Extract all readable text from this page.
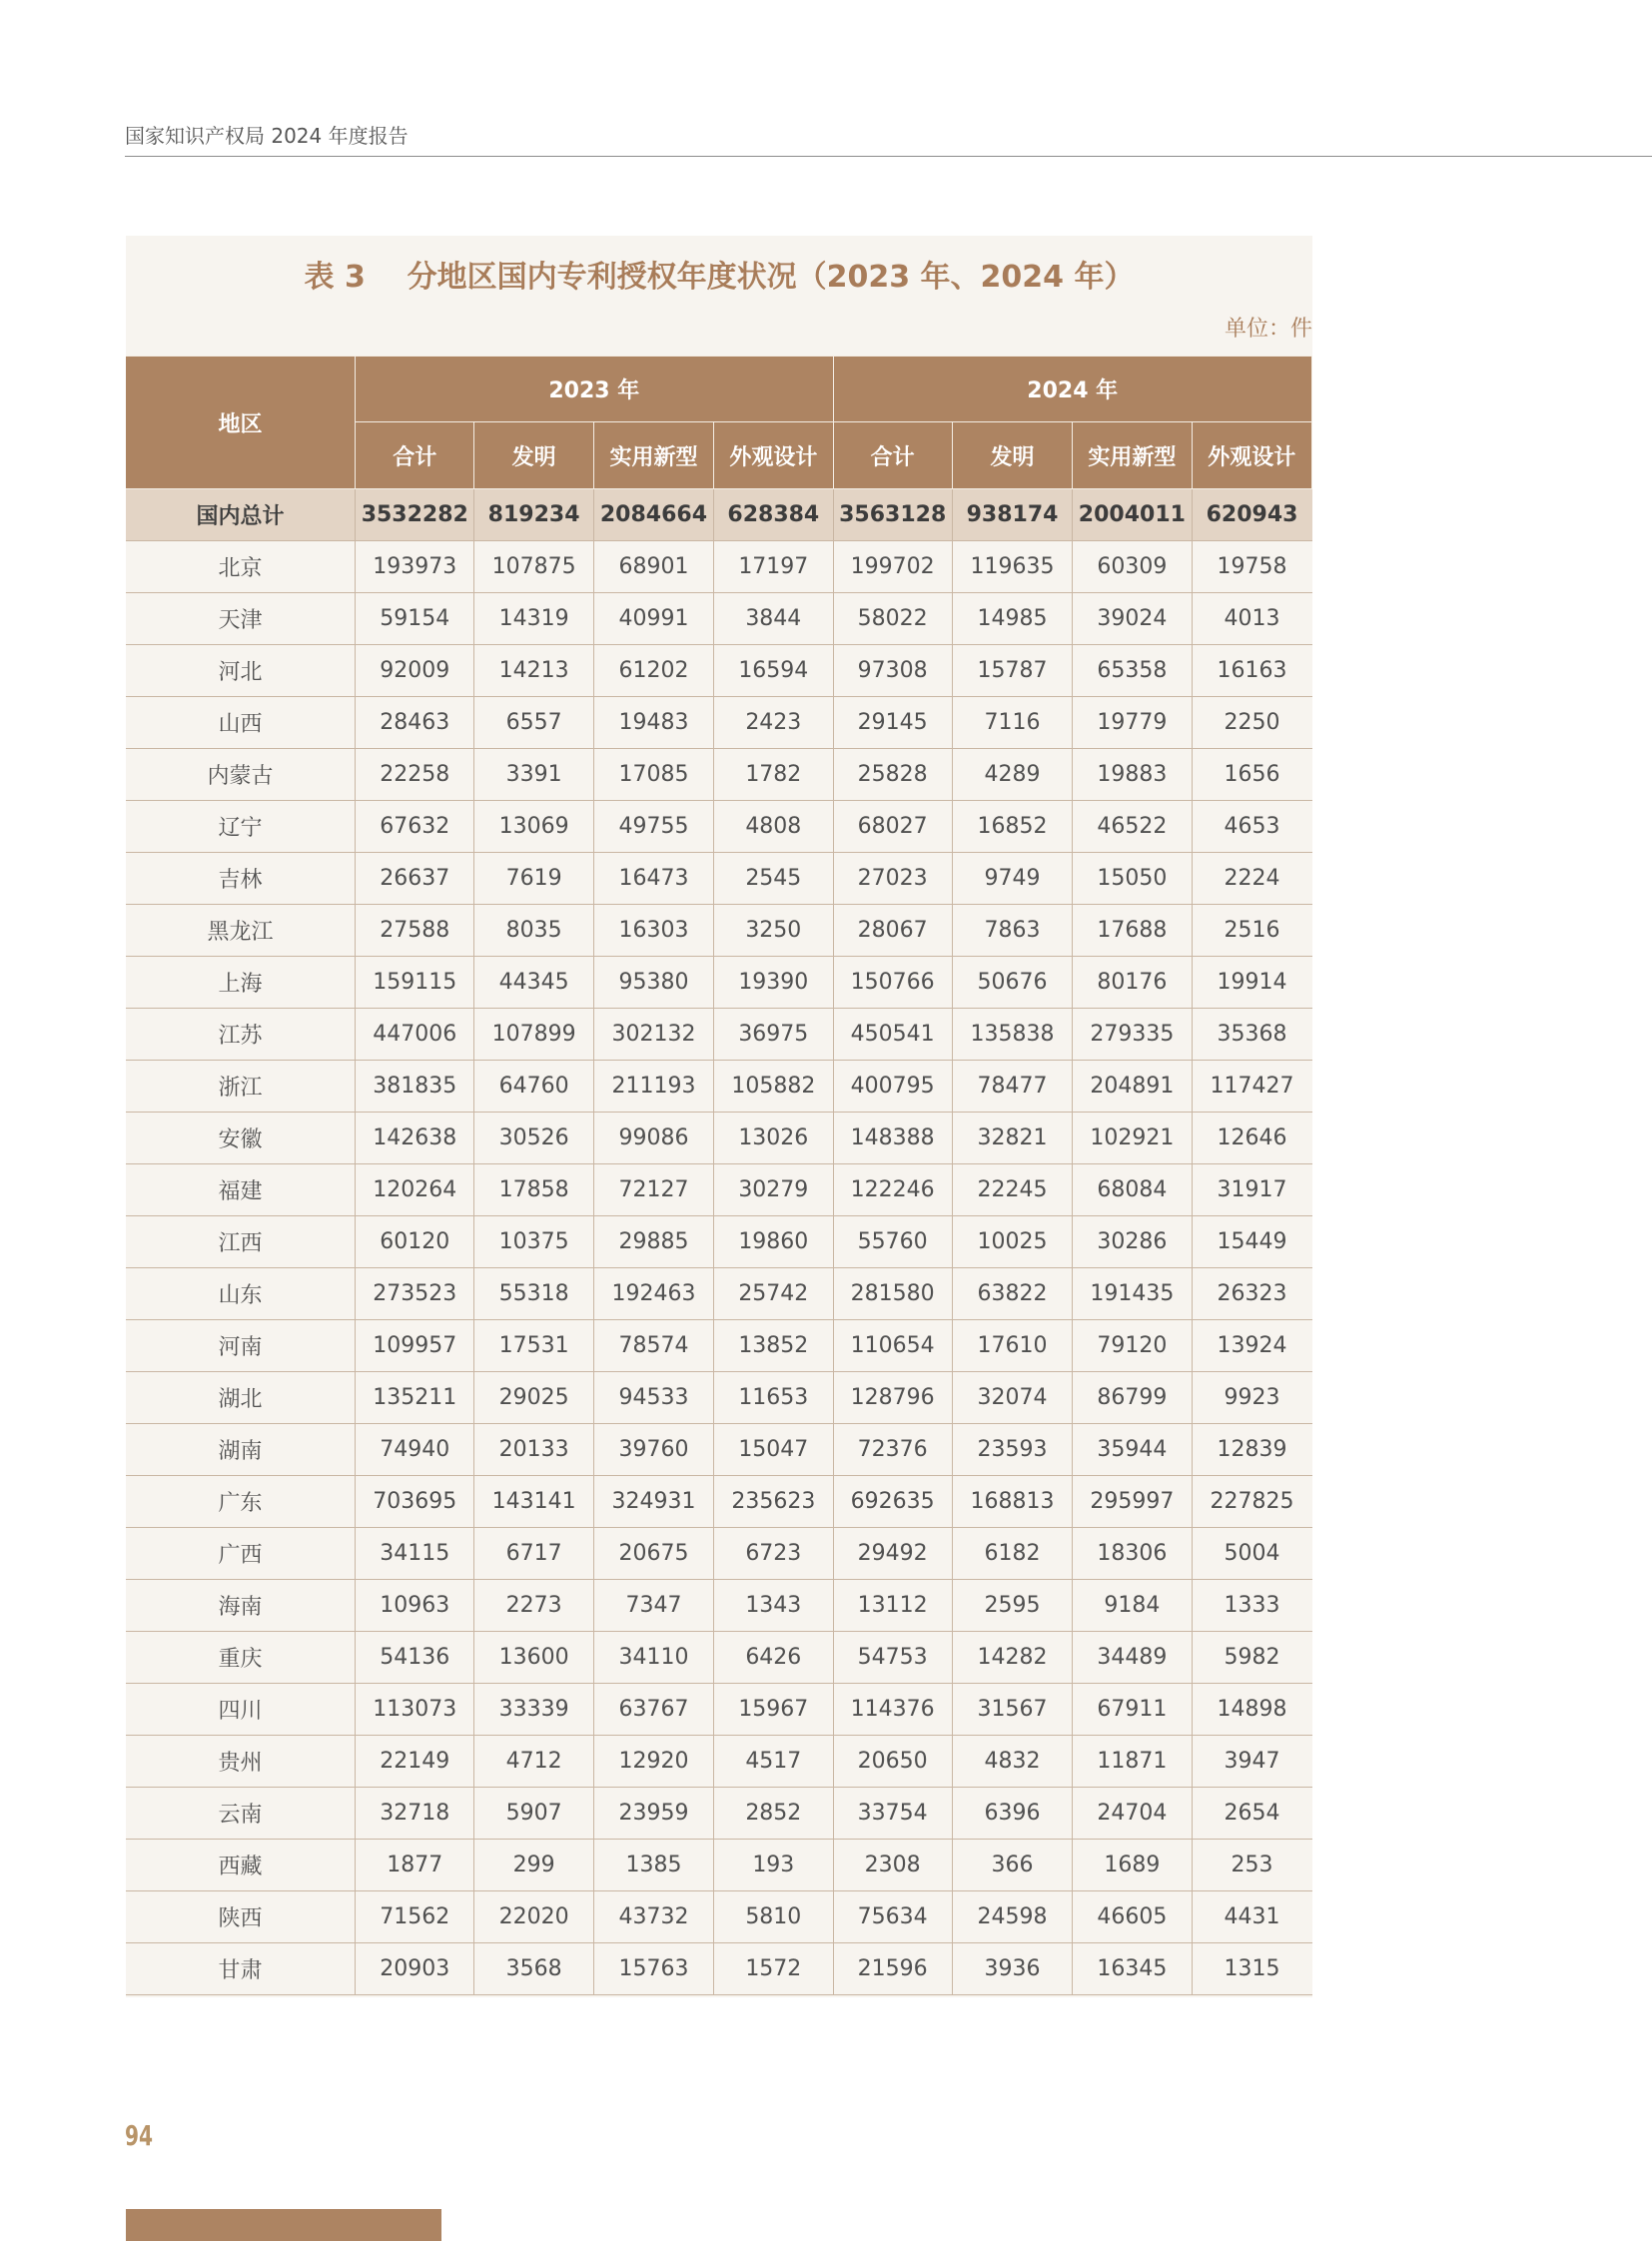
国家知识产权局 2024 年度报告
表 3    分地区国内专利授权年度状况（2023 年、2024 年）
单位：件
地区	2023 年				2024 年			
	合计	发明	实用新型	外观设计	合计	发明	实用新型	外观设计
国内总计	3532282	819234	2084664	628384	3563128	938174	2004011	620943
北京	193973	107875	68901	17197	199702	119635	60309	19758
天津	59154	14319	40991	3844	58022	14985	39024	4013
河北	92009	14213	61202	16594	97308	15787	65358	16163
山西	28463	6557	19483	2423	29145	7116	19779	2250
内蒙古	22258	3391	17085	1782	25828	4289	19883	1656
辽宁	67632	13069	49755	4808	68027	16852	46522	4653
吉林	26637	7619	16473	2545	27023	9749	15050	2224
黑龙江	27588	8035	16303	3250	28067	7863	17688	2516
上海	159115	44345	95380	19390	150766	50676	80176	19914
江苏	447006	107899	302132	36975	450541	135838	279335	35368
浙江	381835	64760	211193	105882	400795	78477	204891	117427
安徽	142638	30526	99086	13026	148388	32821	102921	12646
福建	120264	17858	72127	30279	122246	22245	68084	31917
江西	60120	10375	29885	19860	55760	10025	30286	15449
山东	273523	55318	192463	25742	281580	63822	191435	26323
河南	109957	17531	78574	13852	110654	17610	79120	13924
湖北	135211	29025	94533	11653	128796	32074	86799	9923
湖南	74940	20133	39760	15047	72376	23593	35944	12839
广东	703695	143141	324931	235623	692635	168813	295997	227825
广西	34115	6717	20675	6723	29492	6182	18306	5004
海南	10963	2273	7347	1343	13112	2595	9184	1333
重庆	54136	13600	34110	6426	54753	14282	34489	5982
四川	113073	33339	63767	15967	114376	31567	67911	14898
贵州	22149	4712	12920	4517	20650	4832	11871	3947
云南	32718	5907	23959	2852	33754	6396	24704	2654
西藏	1877	299	1385	193	2308	366	1689	253
陕西	71562	22020	43732	5810	75634	24598	46605	4431
甘肃	20903	3568	15763	1572	21596	3936	16345	1315
94
